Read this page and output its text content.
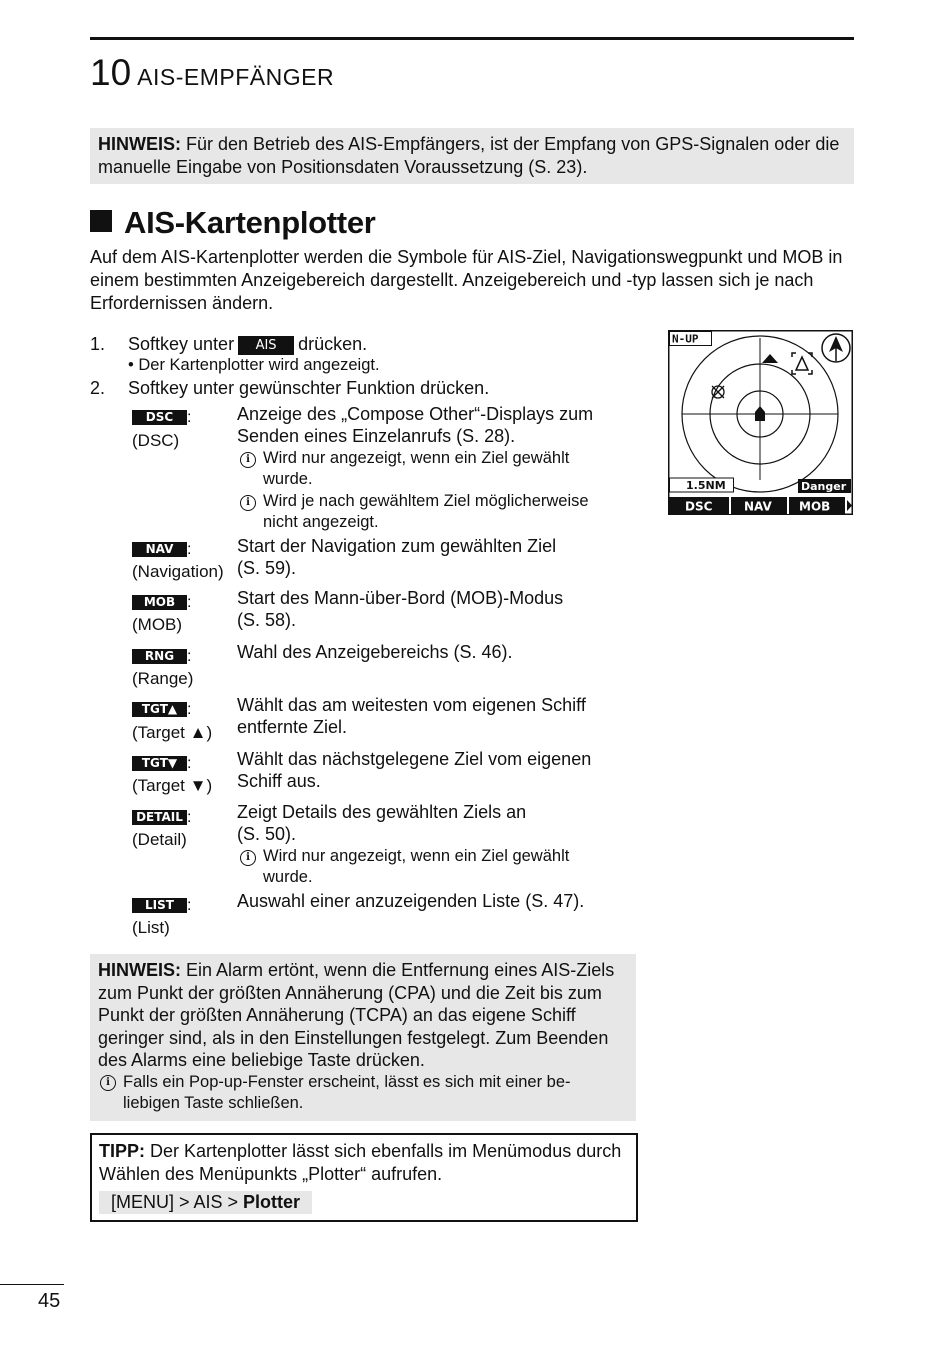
10 AIS-EMPFÄNGER
HINWEIS: Für den Betrieb des AIS-Empfängers, ist der Empfang von GPS-Signalen oder die manuelle Eingabe von Positionsdaten Voraussetzung (S. 23).
AIS-Kartenplotter
Auf dem AIS-Kartenplotter werden die Symbole für AIS-Ziel, Navigationswegpunkt und MOB in einem bestimmten Anzeigebereich dargestellt. Anzeigebereich und -typ lassen sich je nach Erfordernissen ändern.
1. Softkey unter AIS drücken.
• Der Kartenplotter wird angezeigt.
2. Softkey unter gewünschter Funktion drücken.
DSC :
(DSC)
Anzeige des „Compose Other“-Displays zum
Senden eines Einzelanrufs (S. 28).
i Wird nur angezeigt, wenn ein Ziel gewählt
wurde.
i Wird je nach gewähltem Ziel möglicherweise
nicht angezeigt.
NAV :
(Navigation)
Start der Navigation zum gewählten Ziel
(S. 59).
MOB :
(MOB)
Start des Mann-über-Bord (MOB)-Modus
(S. 58).
RNG :
(Range)
Wahl des Anzeigebereichs (S. 46).
TGT▲ :
(Target ▲)
Wählt das am weitesten vom eigenen Schiff
entfernte Ziel.
TGT▼ :
(Target ▼)
Wählt das nächstgelegene Ziel vom eigenen
Schiff aus.
DETAIL :
(Detail)
Zeigt Details des gewählten Ziels an
(S. 50).
i Wird nur angezeigt, wenn ein Ziel gewählt
wurde.
LIST :
(List)
Auswahl einer anzuzeigenden Liste (S. 47).
N-UP
1.5NM	Danger
DSC	NAV MOB
HINWEIS: Ein Alarm ertönt, wenn die Entfernung eines AIS-Ziels zum Punkt der größten Annäherung (CPA) und die Zeit bis zum Punkt der größten Annäherung (TCPA) an das eigene Schiff geringer sind, als in den Einstellungen festgelegt. Zum Beenden des Alarms eine beliebige Taste drücken.
i Falls ein Pop-up-Fenster erscheint, lässt es sich mit einer be-
liebigen Taste schließen.
TIPP: Der Kartenplotter lässt sich ebenfalls im Menümodus durch Wählen des Menüpunkts „Plotter“ aufrufen.
[MENU] > AIS > Plotter
45
